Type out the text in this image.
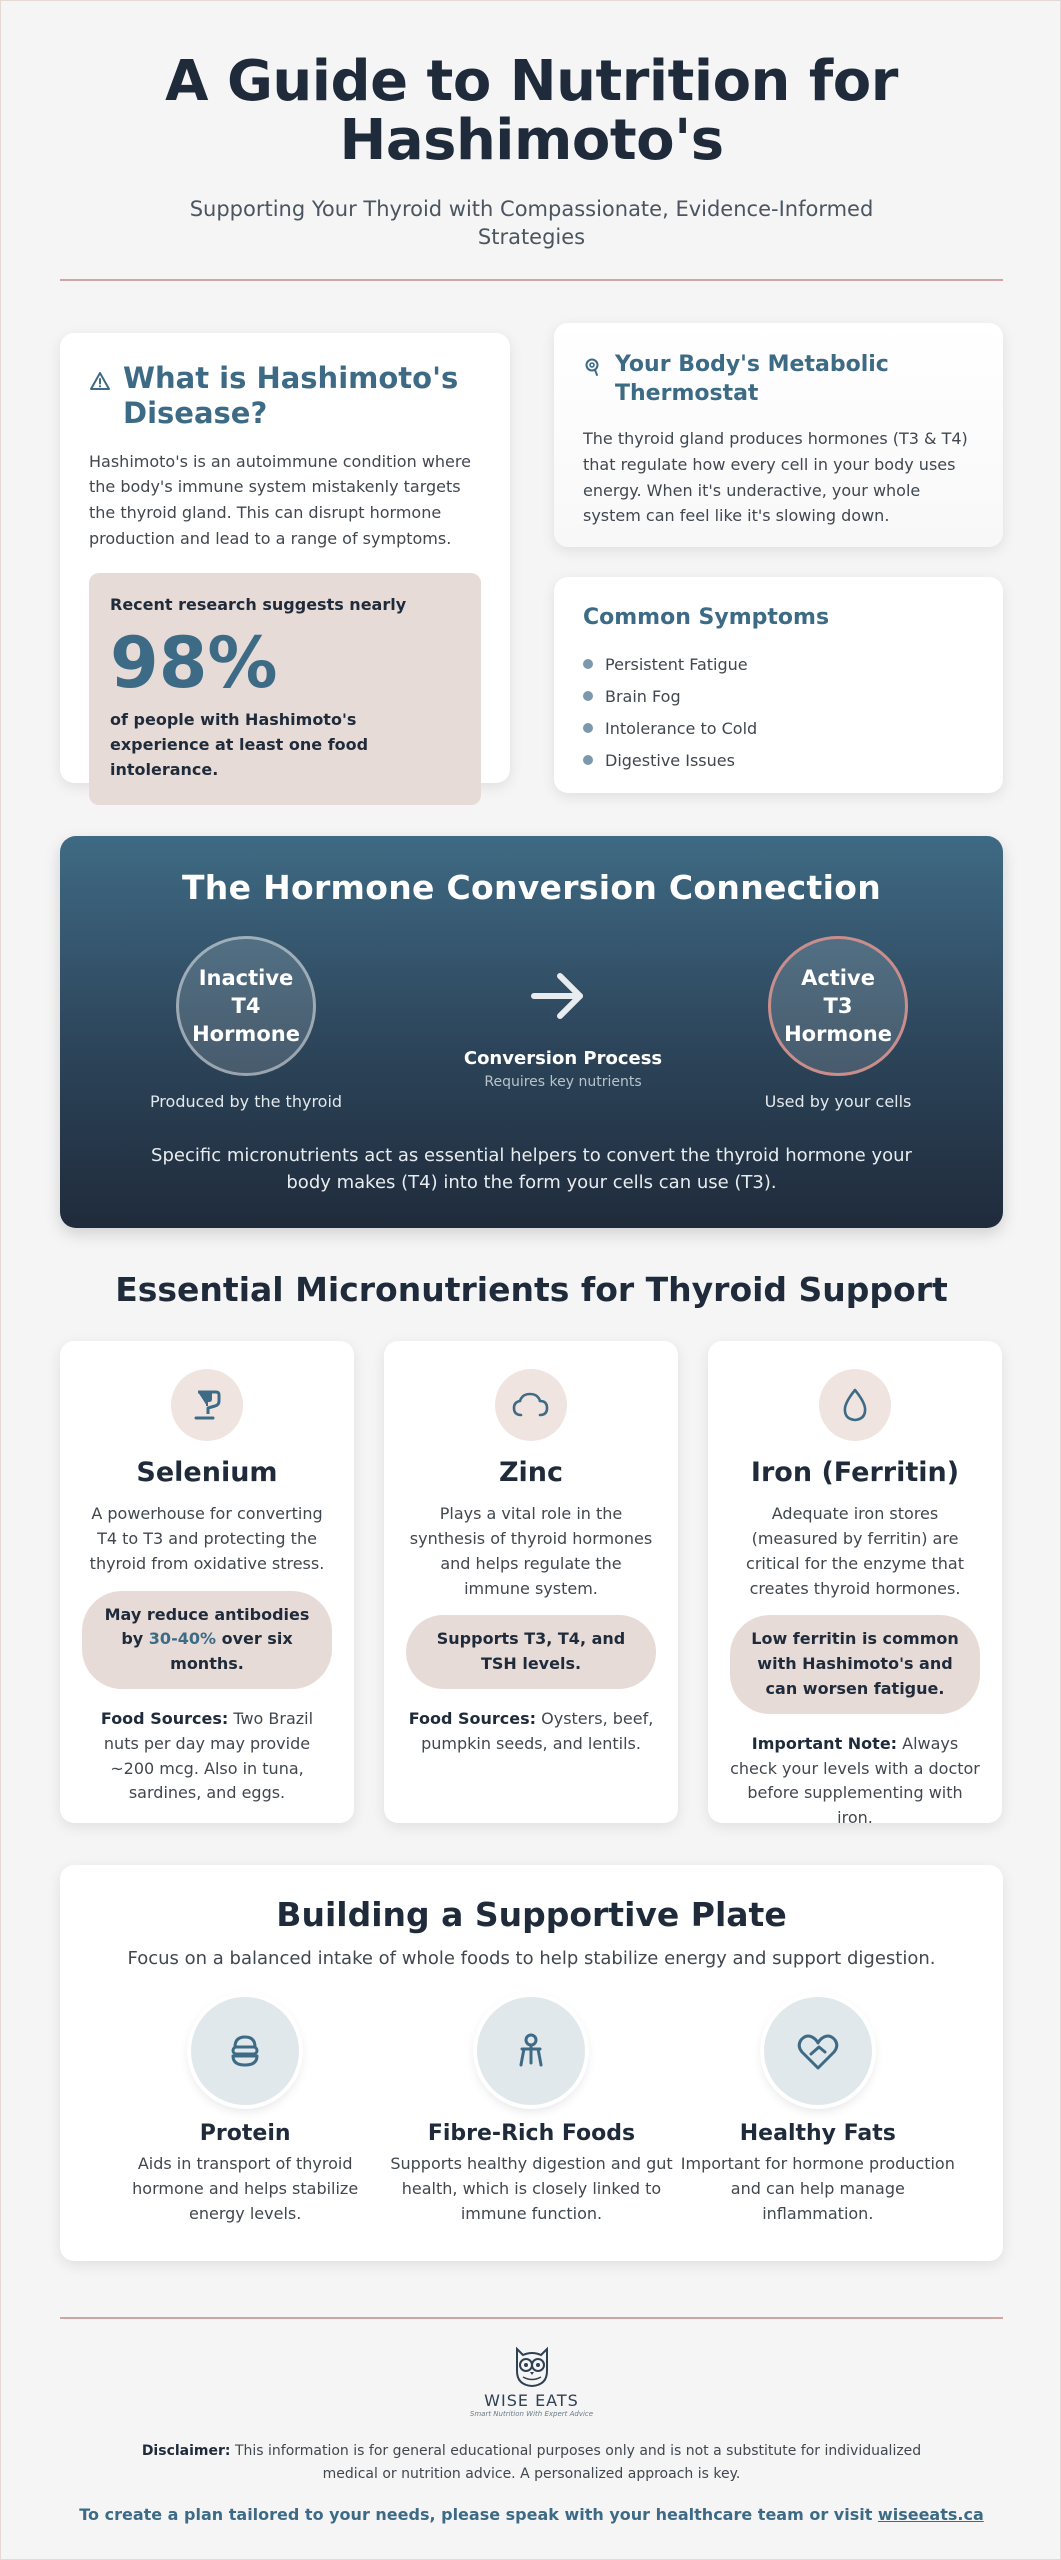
A Guide to Nutrition for Hashimoto's

Supporting Your Thyroid with Compassionate, Evidence-Informed Strategies

What is Hashimoto's Disease?

Hashimoto's is an autoimmune condition where the body's immune system mistakenly targets the thyroid gland. This can disrupt hormone production and lead to a range of symptoms.

Recent research suggests nearly
98%
of people with Hashimoto's experience at least one food intolerance.
Your Body's Metabolic Thermostat

The thyroid gland produces hormones (T3 & T4) that regulate how every cell in your body uses energy. When it's underactive, your whole system can feel like it's slowing down.

Common Symptoms
Persistent Fatigue
Brain Fog
Intolerance to Cold
Digestive Issues
The Hormone Conversion Connection
Inactive T4 Hormone
Produced by the thyroid
Conversion Process
Requires key nutrients
Active T3 Hormone
Used by your cells

Specific micronutrients act as essential helpers to convert the thyroid hormone your body makes (T4) into the form your cells can use (T3).

Essential Micronutrients for Thyroid Support
Selenium

A powerhouse for converting T4 to T3 and protecting the thyroid from oxidative stress.

May reduce antibodies by 30-40% over six months.

Food Sources: Two Brazil nuts per day may provide ~200 mcg. Also in tuna, sardines, and eggs.

Zinc

Plays a vital role in the synthesis of thyroid hormones and helps regulate the immune system.

Supports T3, T4, and TSH levels.

Food Sources: Oysters, beef, pumpkin seeds, and lentils.

Iron (Ferritin)

Adequate iron stores (measured by ferritin) are critical for the enzyme that creates thyroid hormones.

Low ferritin is common with Hashimoto's and can worsen fatigue.

Important Note: Always check your levels with a doctor before supplementing with iron.

Building a Supportive Plate

Focus on a balanced intake of whole foods to help stabilize energy and support digestion.

Protein

Aids in transport of thyroid hormone and helps stabilize energy levels.

Fibre-Rich Foods

Supports healthy digestion and gut health, which is closely linked to immune function.

Healthy Fats

Important for hormone production and can help manage inflammation.

WISE EATS
Smart Nutrition With Expert Advice

Disclaimer: This information is for general educational purposes only and is not a substitute for individualized medical or nutrition advice. A personalized approach is key.

To create a plan tailored to your needs, please speak with your healthcare team or visit wiseeats.ca
